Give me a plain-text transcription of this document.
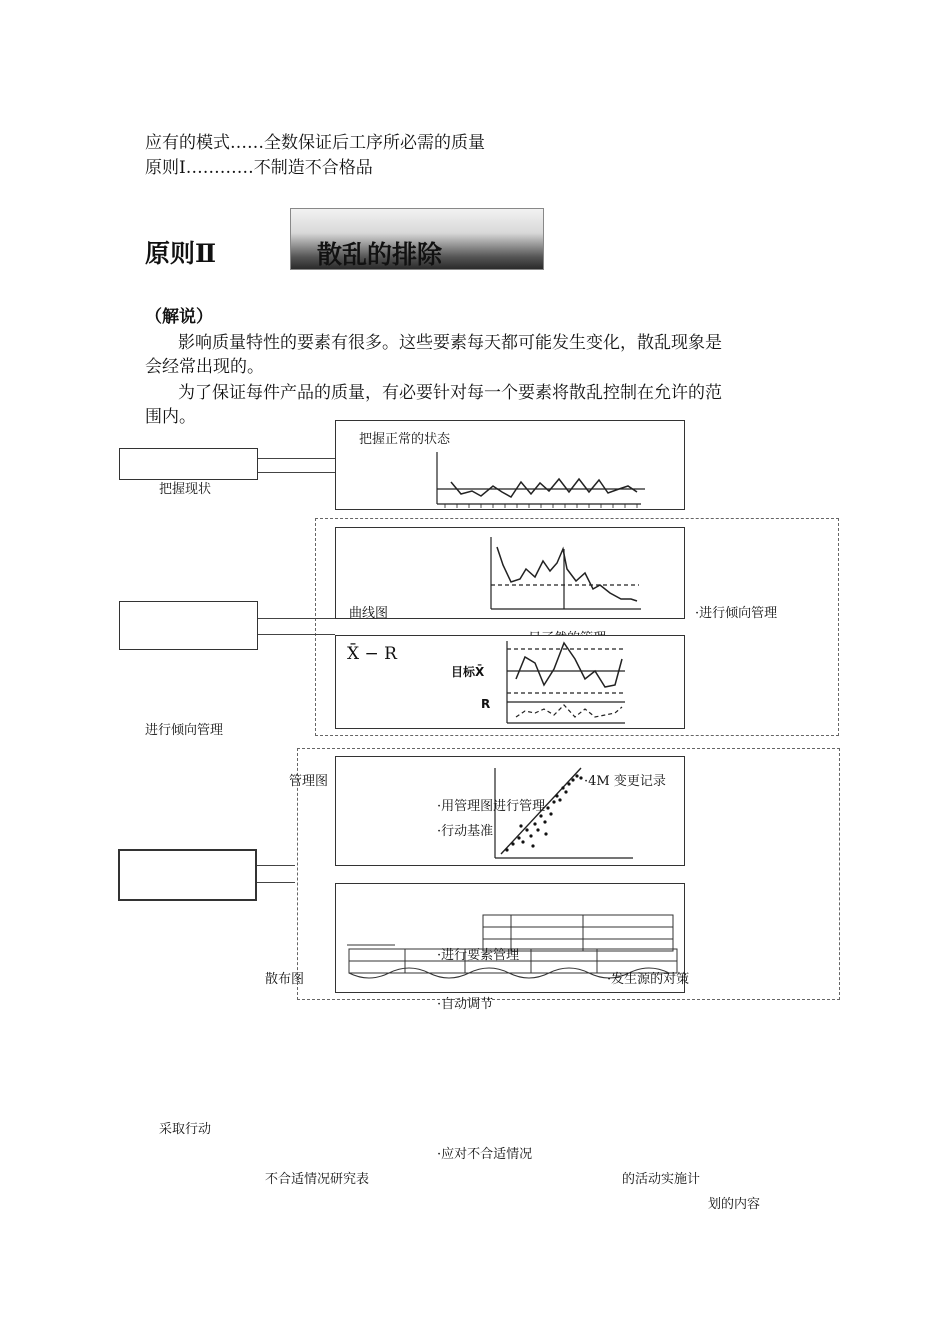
应有的模式……全数保证后工序所必需的质量
原则Ⅰ…………不制造不合格品
原则Ⅱ	散乱的排除
（解说）
影响质量特性的要素有很多。这些要素每天都可能发生变化，散乱现象是
会经常出现的。
为了保证每件产品的质量，有必要针对每一个要素将散乱控制在允许的范
围内。
把握正常的状态
把握现状
曲线图	·进行倾向管理
X̄ − R
目标X̄
R
进行倾向管理
管理图	·4M 变更记录
·用管理图进行管理
·行动基准
·进行要素管理
散布图	·发生源的对策
·自动调节
采取行动
·应对不合适情况
不合适情况研究表	的活动实施计
划的内容
